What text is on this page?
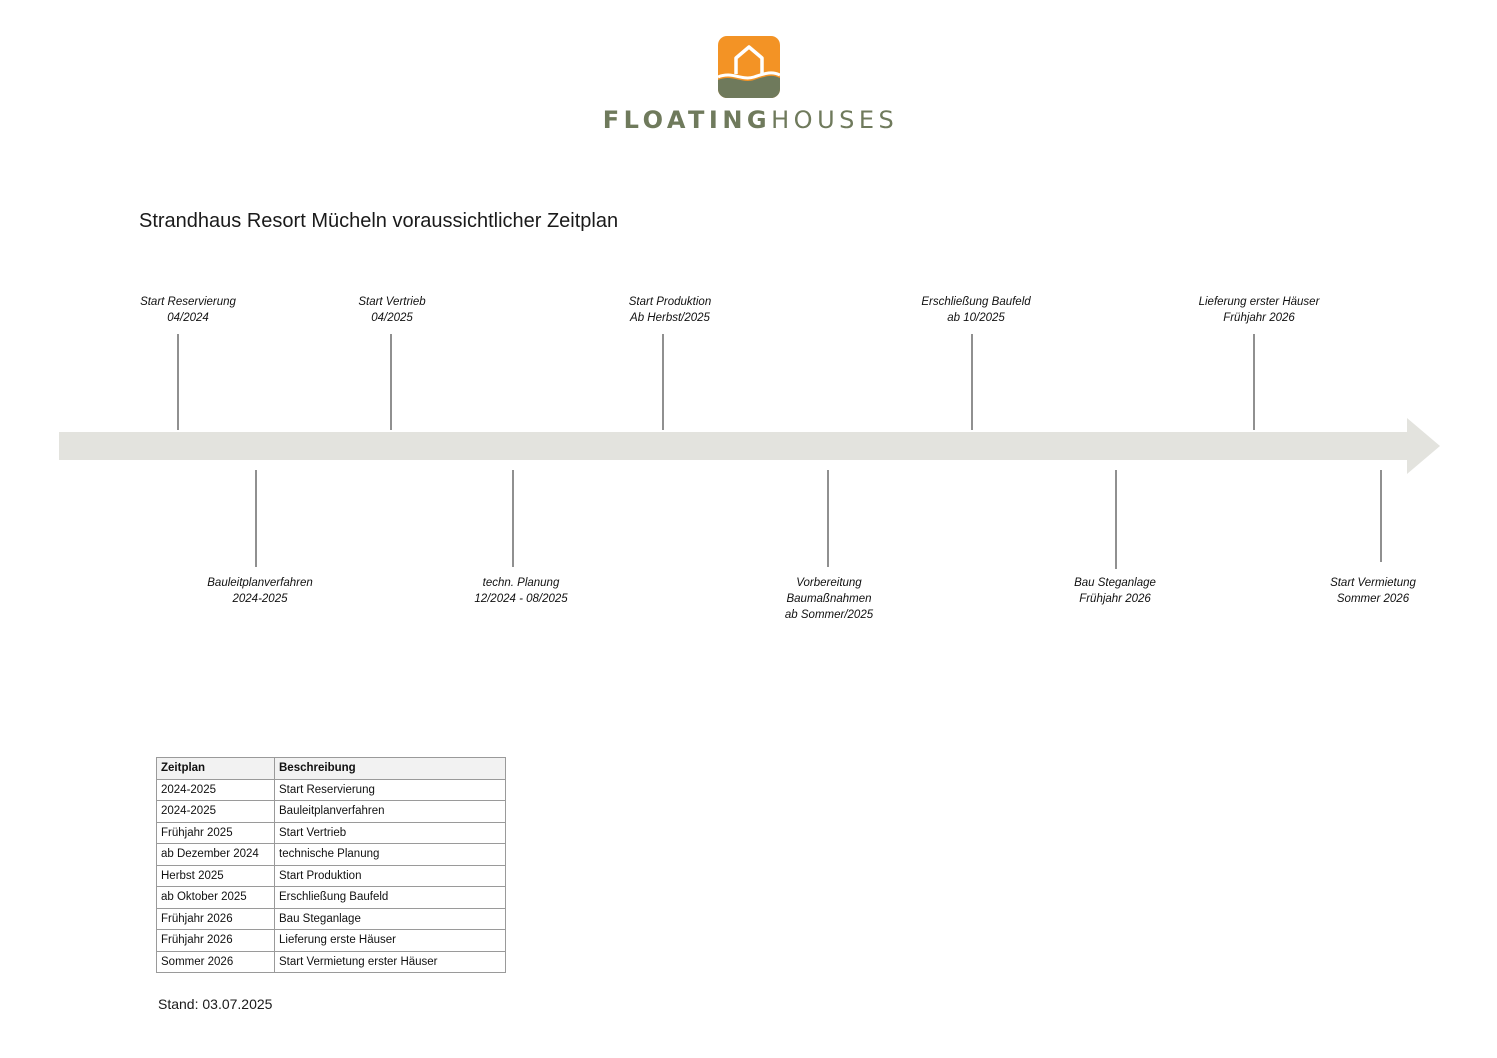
FLOATINGHOUSES
Strandhaus Resort Mücheln voraussichtlicher Zeitplan
Start Reservierung 04/2024
Start Vertrieb 04/2025
Start Produktion Ab Herbst/2025
Erschließung Baufeld ab 10/2025
Lieferung erster Häuser Frühjahr 2026
Bauleitplanverfahren 2024-2025
techn. Planung 12/2024 - 08/2025
Vorbereitung Baumaßnahmen ab Sommer/2025
Bau Steganlage Frühjahr 2026
Start Vermietung Sommer 2026
Zeitplan	Beschreibung
2024-2025	Start Reservierung
2024-2025	Bauleitplanverfahren
Frühjahr 2025	Start Vertrieb
ab Dezember 2024	technische Planung
Herbst 2025	Start Produktion
ab Oktober 2025	Erschließung Baufeld
Frühjahr 2026	Bau Steganlage
Frühjahr 2026	Lieferung erste Häuser
Sommer 2026	Start Vermietung erster Häuser
Stand: 03.07.2025
